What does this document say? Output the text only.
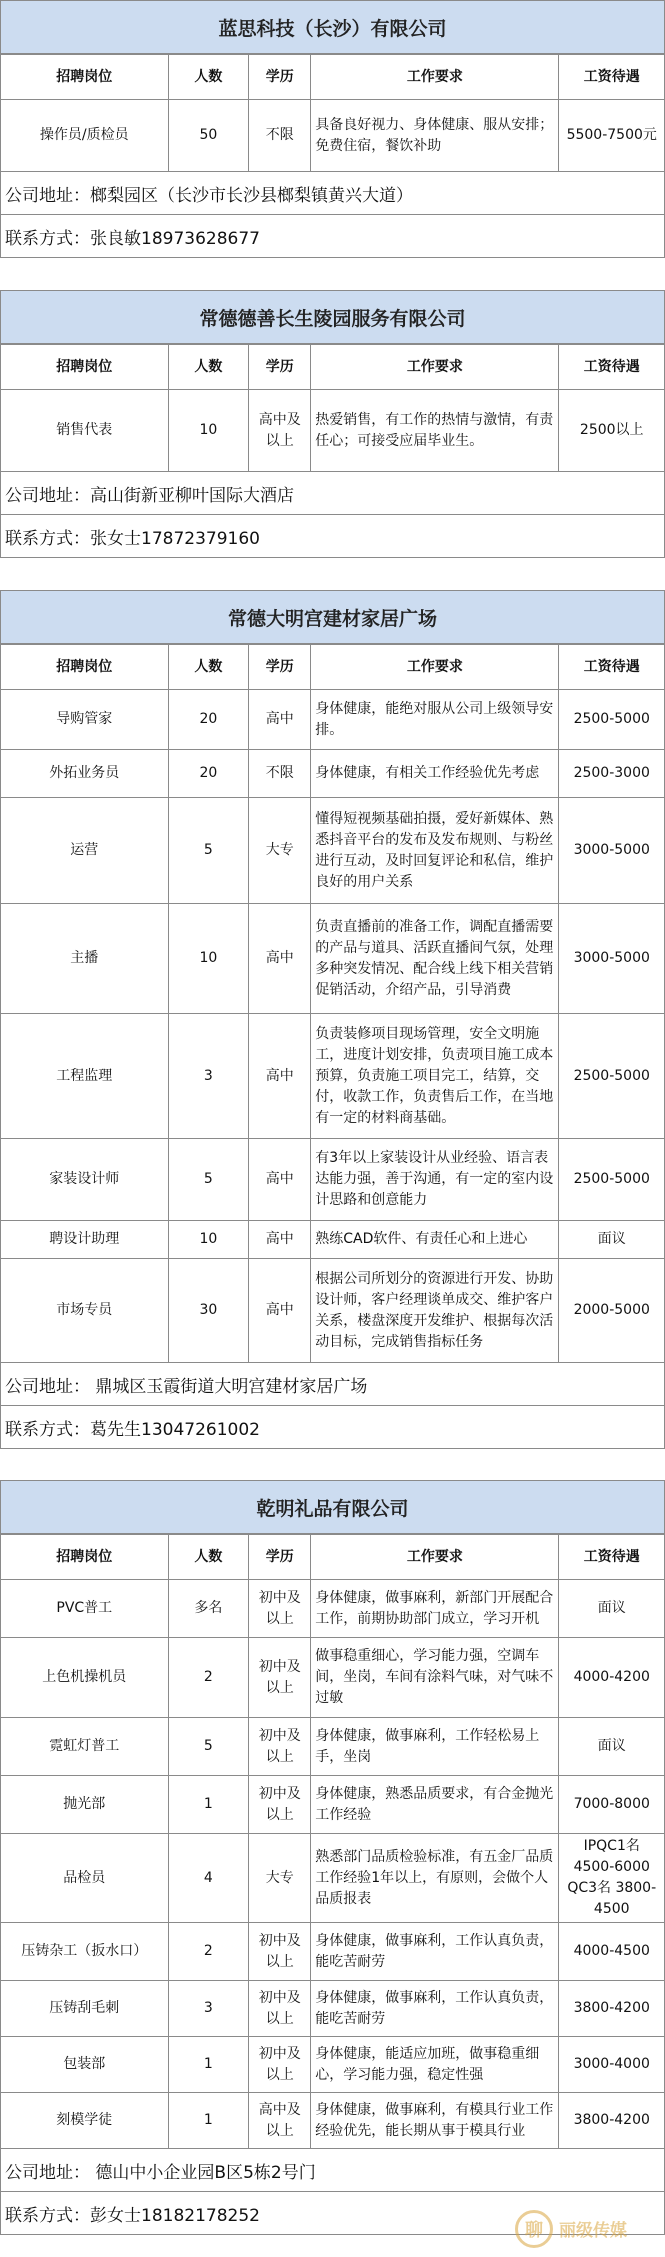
蓝思科技（长沙）有限公司
招聘岗位	人数	学历	工作要求	工资待遇
操作员/质检员	50	不限	具备良好视力、身体健康、服从安排；免费住宿，餐饮补助	5500-7500元
公司地址：榔梨园区（长沙市长沙县榔梨镇黄兴大道）
联系方式：张良敏18973628677
常德德善长生陵园服务有限公司
招聘岗位	人数	学历	工作要求	工资待遇
销售代表	10	高中及以上	热爱销售，有工作的热情与激情，有责任心；可接受应届毕业生。	2500以上
公司地址：高山街新亚柳叶国际大酒店
联系方式：张女士17872379160
常德大明宫建材家居广场
招聘岗位	人数	学历	工作要求	工资待遇
导购管家	20	高中	身体健康，能绝对服从公司上级领导安排。	2500-5000
外拓业务员	20	不限	身体健康，有相关工作经验优先考虑	2500-3000
运营	5	大专	懂得短视频基础拍摄，爱好新媒体、熟悉抖音平台的发布及发布规则、与粉丝进行互动，及时回复评论和私信，维护良好的用户关系	3000-5000
主播	10	高中	负责直播前的准备工作，调配直播需要的产品与道具、活跃直播间气氛，处理多种突发情况、配合线上线下相关营销促销活动，介绍产品，引导消费	3000-5000
工程监理	3	高中	负责装修项目现场管理，安全文明施工，进度计划安排，负责项目施工成本预算，负责施工项目完工，结算，交付，收款工作，负责售后工作，在当地有一定的材料商基础。	2500-5000
家装设计师	5	高中	有3年以上家装设计从业经验、语言表达能力强，善于沟通，有一定的室内设计思路和创意能力	2500-5000
聘设计助理	10	高中	熟练CAD软件、有责任心和上进心	面议
市场专员	30	高中	根据公司所划分的资源进行开发、协助设计师，客户经理谈单成交、维护客户关系，楼盘深度开发维护、根据每次活动目标，完成销售指标任务	2000-5000
公司地址： 鼎城区玉霞街道大明宫建材家居广场
联系方式：葛先生13047261002
乾明礼品有限公司
招聘岗位	人数	学历	工作要求	工资待遇
PVC普工	多名	初中及以上	身体健康，做事麻利，新部门开展配合工作，前期协助部门成立，学习开机	面议
上色机操机员	2	初中及以上	做事稳重细心，学习能力强，空调车间，坐岗，车间有涂料气味，对气味不过敏	4000-4200
霓虹灯普工	5	初中及以上	身体健康，做事麻利，工作轻松易上手，坐岗	面议
抛光部	1	初中及以上	身体健康，熟悉品质要求，有合金抛光工作经验	7000-8000
品检员	4	大专	熟悉部门品质检验标准，有五金厂品质工作经验1年以上，有原则，会做个人品质报表	IPQC1名 4500-6000 QC3名 3800-4500
压铸杂工（扳水口）	2	初中及以上	身体健康，做事麻利，工作认真负责，能吃苦耐劳	4000-4500
压铸刮毛刺	3	初中及以上	身体健康，做事麻利，工作认真负责，能吃苦耐劳	3800-4200
包装部	1	初中及以上	身体健康，能适应加班，做事稳重细心，学习能力强，稳定性强	3000-4000
刻模学徒	1	高中及以上	身体健康，做事麻利，有模具行业工作经验优先，能长期从事于模具行业	3800-4200
公司地址： 德山中小企业园B区5栋2号门
联系方式：彭女士18182178252
聊 丽级传媒
